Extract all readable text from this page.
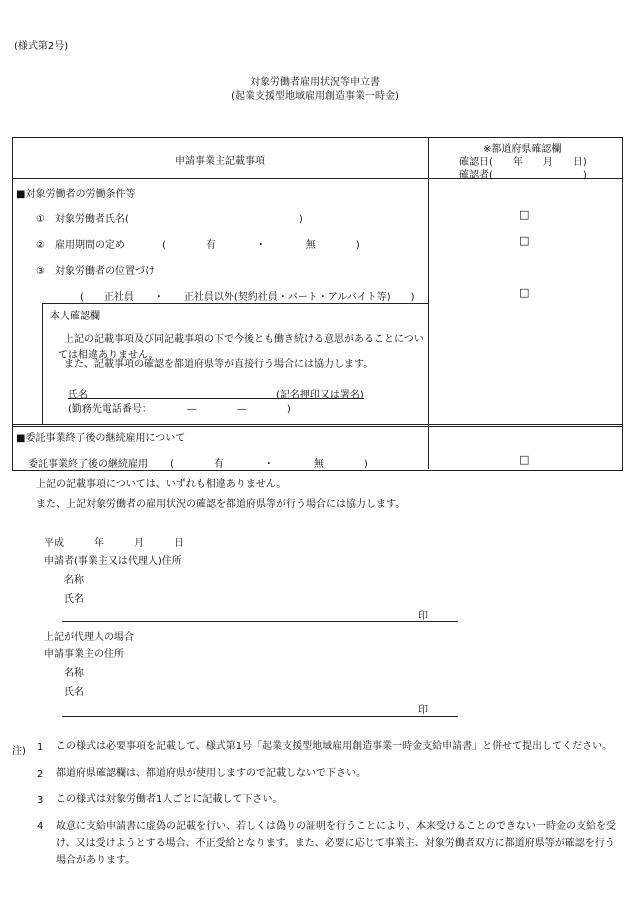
(様式第2号)
対象労働者雇用状況等申立書
(起業支援型地域雇用創造事業一時金)
申請事業主記載事項
※都道府県確認欄
確認日(　　年　　月　　日)
確認者(　　　　　　　　　)
■対象労働者の労働条件等
①　対象労働者氏名(　　　　　　　　　　　　　　　　　)	□
②　雇用期間の定め	(　　　　有　　　　・　　　　無　　　　)	□
③　対象労働者の位置づけ
(　　正社員　　・　　正社員以外(契約社員・パート・アルバイト等)　　)	□
本人確認欄
上記の記載事項及び同記載事項の下で今後とも働き続ける意思があることについては相違ありません。
また、記載事項の確認を都道府県等が直接行う場合には協力します。
氏名	(記名押印又は署名)
(勤務先電話番号：　　　　—　　　　—　　　　)
■委託事業終了後の継続雇用について
委託事業終了後の継続雇用 (　　　　有　　　　・　　　　無　　　　)	□
上記の記載事項については、いずれも相違ありません。
また、上記対象労働者の雇用状況の確認を都道府県等が行う場合には協力します。
平成　　　年　　　月　　　日
申請者(事業主又は代理人)住所
名称
氏名
印
上記が代理人の場合
申請事業主の住所
名称
氏名
印
注) 1 この様式は必要事項を記載して、様式第1号「起業支援型地域雇用創造事業一時金支給申請書」と併せて提出してください。
2 都道府県確認欄は、都道府県が使用しますので記載しないで下さい。
3 この様式は対象労働者1人ごとに記載して下さい。
4 故意に支給申請書に虚偽の記載を行い、若しくは偽りの証明を行うことにより、本来受けることのできない一時金の支給を受け、又は受けようとする場合、不正受給となります。また、必要に応じて事業主、対象労働者双方に都道府県等が確認を行う場合があります。
